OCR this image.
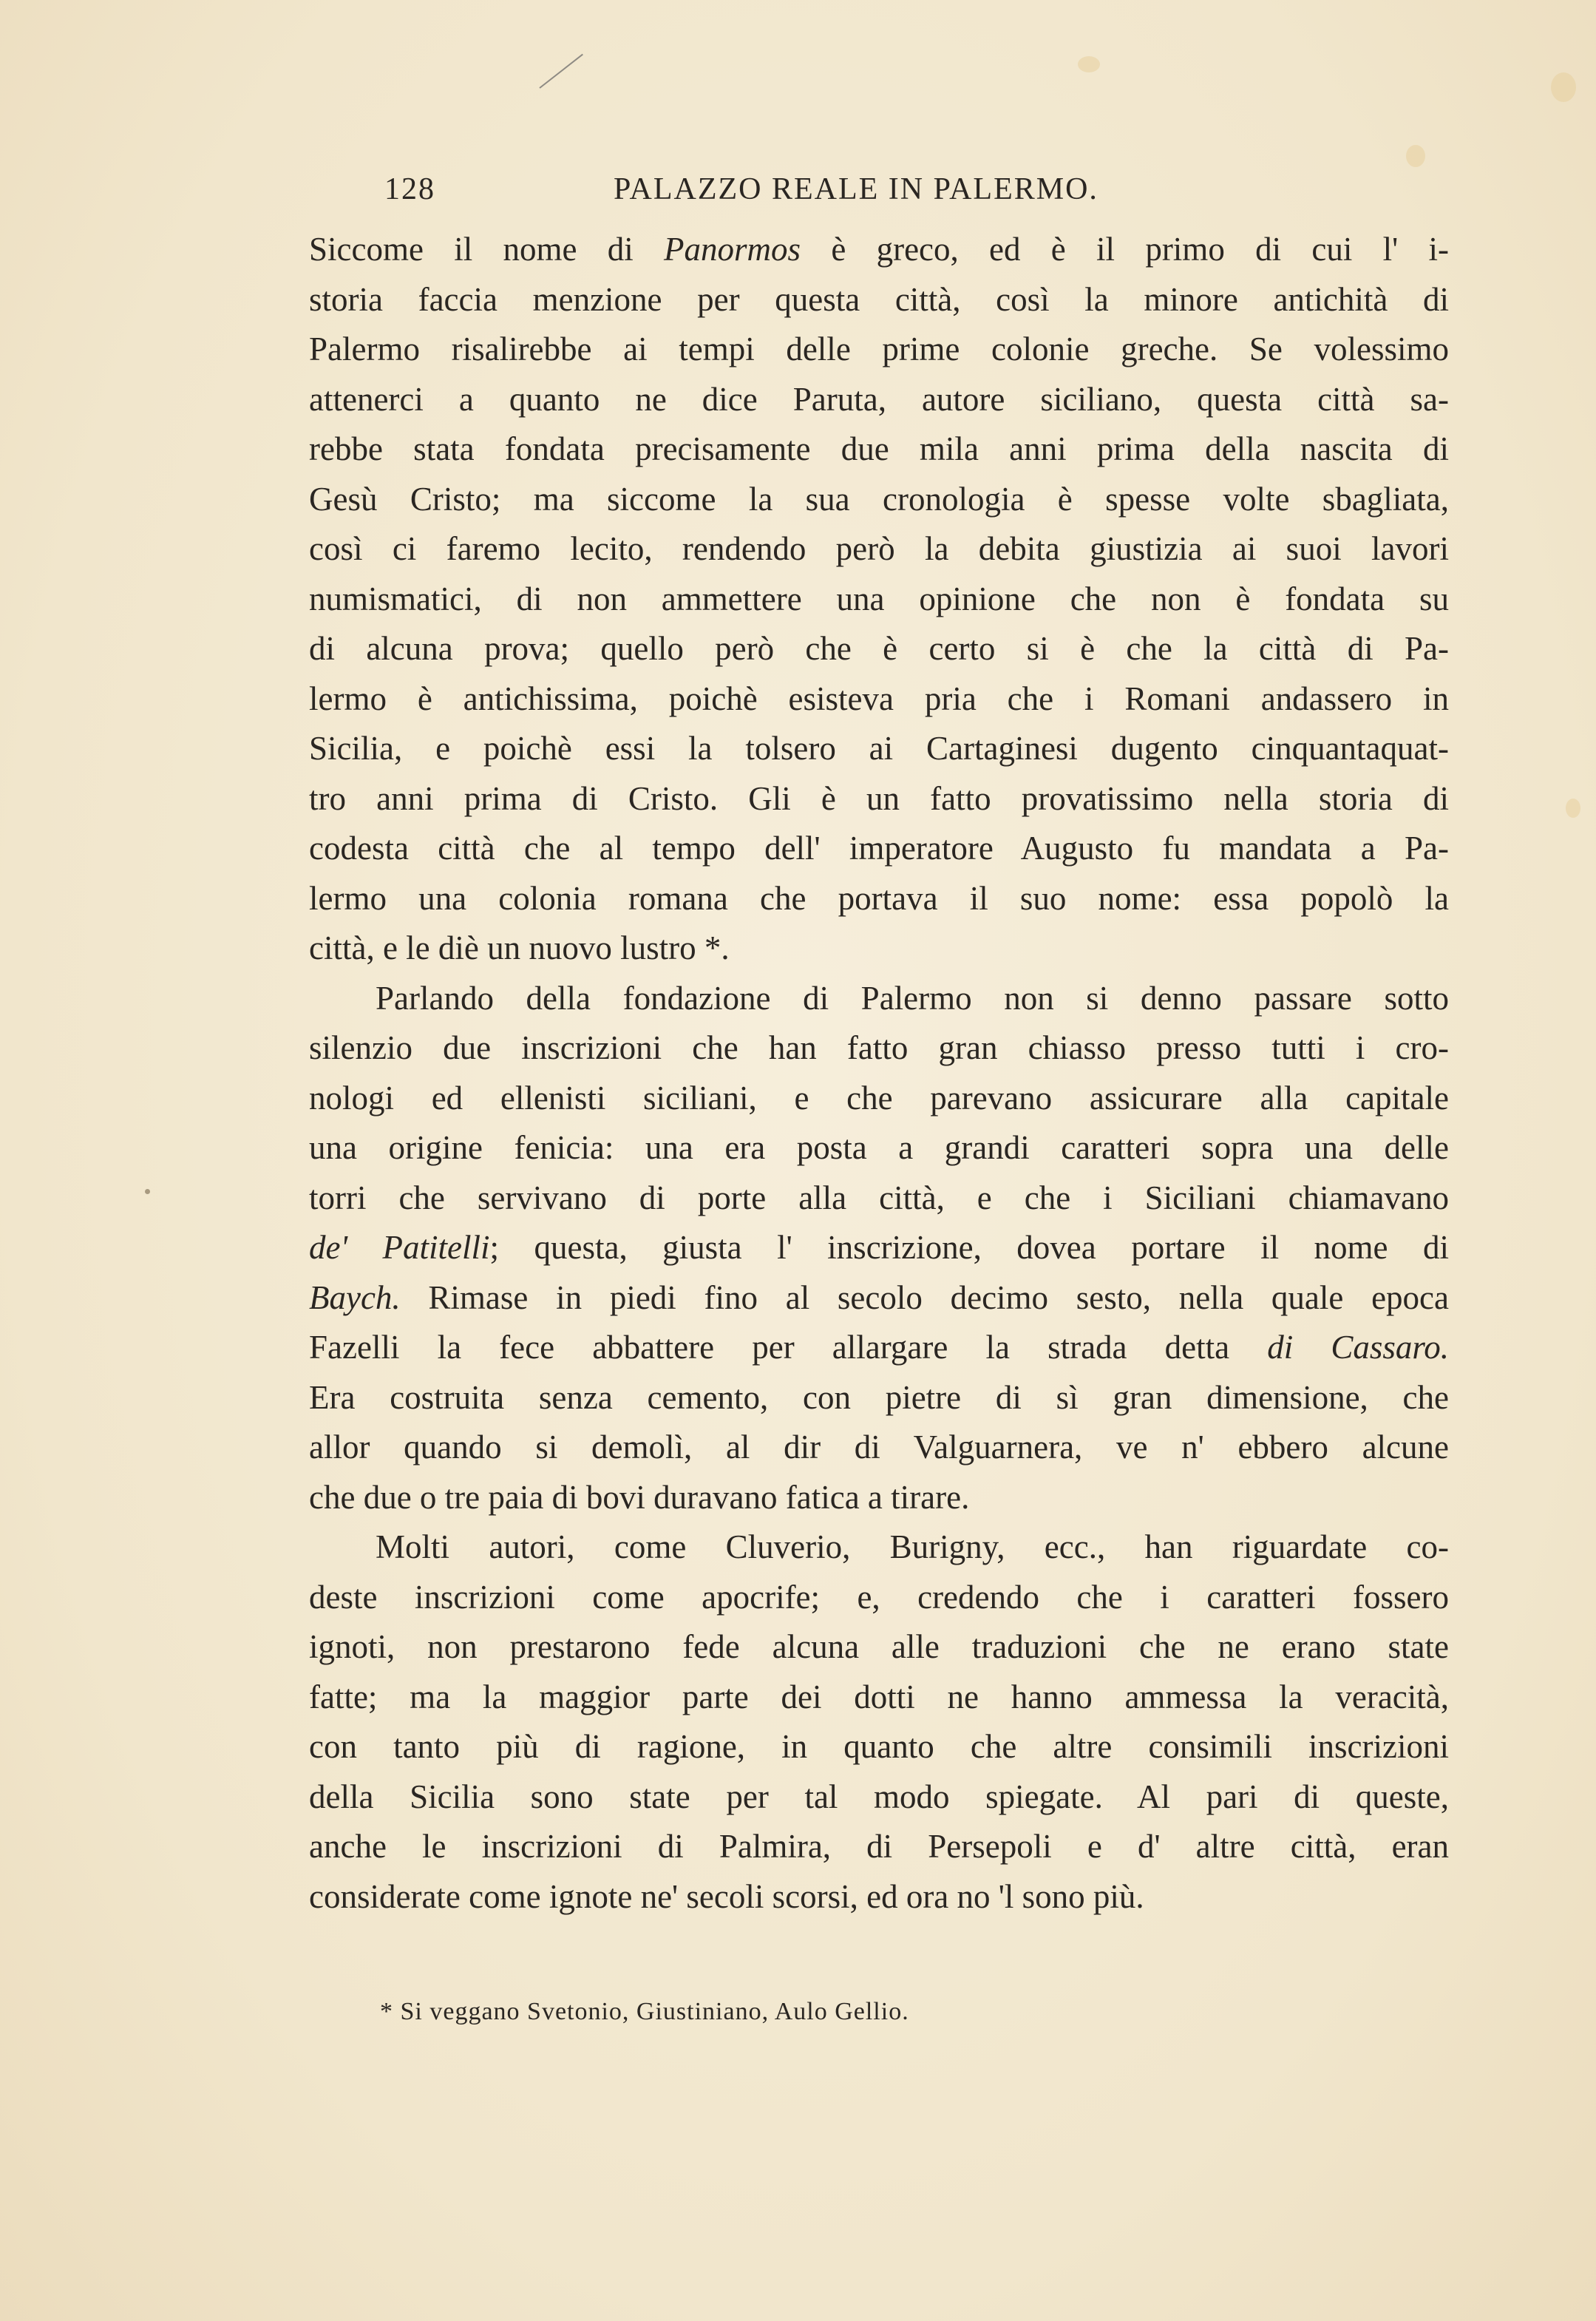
128	PALAZZO REALE IN PALERMO.
Siccome il nome di Panormos è greco, ed è il primo di cui l' i-
storia faccia menzione per questa città, così la minore antichità di
Palermo risalirebbe ai tempi delle prime colonie greche. Se volessimo
attenerci a quanto ne dice Paruta, autore siciliano, questa città sa-
rebbe stata fondata precisamente due mila anni prima della nascita di
Gesù Cristo; ma siccome la sua cronologia è spesse volte sbagliata,
così ci faremo lecito, rendendo però la debita giustizia ai suoi lavori
numismatici, di non ammettere una opinione che non è fondata su
di alcuna prova; quello però che è certo si è che la città di Pa-
lermo è antichissima, poichè esisteva pria che i Romani andassero in
Sicilia, e poichè essi la tolsero ai Cartaginesi dugento cinquantaquat-
tro anni prima di Cristo. Gli è un fatto provatissimo nella storia di
codesta città che al tempo dell' imperatore Augusto fu mandata a Pa-
lermo una colonia romana che portava il suo nome: essa popolò la
città, e le diè un nuovo lustro *.
Parlando della fondazione di Palermo non si denno passare sotto
silenzio due inscrizioni che han fatto gran chiasso presso tutti i cro-
nologi ed ellenisti siciliani, e che parevano assicurare alla capitale
una origine fenicia: una era posta a grandi caratteri sopra una delle
torri che servivano di porte alla città, e che i Siciliani chiamavano
de' Patitelli; questa, giusta l' inscrizione, dovea portare il nome di
Baych. Rimase in piedi fino al secolo decimo sesto, nella quale epoca
Fazelli la fece abbattere per allargare la strada detta di Cassaro.
Era costruita senza cemento, con pietre di sì gran dimensione, che
allor quando si demolì, al dir di Valguarnera, ve n' ebbero alcune
che due o tre paia di bovi duravano fatica a tirare.
Molti autori, come Cluverio, Burigny, ecc., han riguardate co-
deste inscrizioni come apocrife; e, credendo che i caratteri fossero
ignoti, non prestarono fede alcuna alle traduzioni che ne erano state
fatte; ma la maggior parte dei dotti ne hanno ammessa la veracità,
con tanto più di ragione, in quanto che altre consimili inscrizioni
della Sicilia sono state per tal modo spiegate. Al pari di queste,
anche le inscrizioni di Palmira, di Persepoli e d' altre città, eran
considerate come ignote ne' secoli scorsi, ed ora no 'l sono più.
* Si veggano Svetonio, Giustiniano, Aulo Gellio.
